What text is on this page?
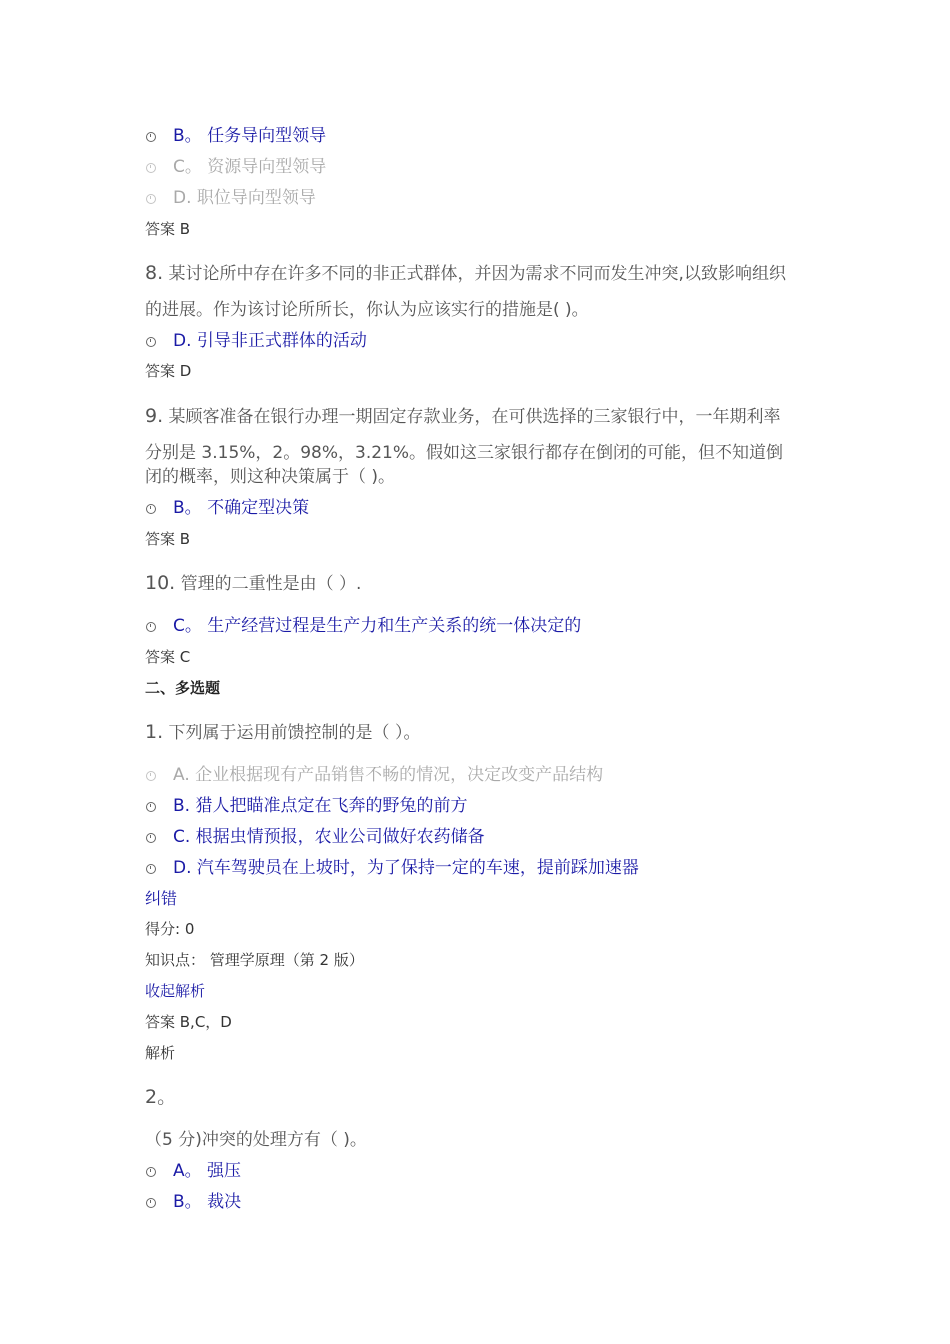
B。 任务导向型领导
C。 资源导向型领导
D. 职位导向型领导
答案 B
8. 某讨论所中存在许多不同的非正式群体，并因为需求不同而发生冲突,以致影响组织
的进展。作为该讨论所所长，你认为应该实行的措施是( )。
D. 引导非正式群体的活动
答案 D
9. 某顾客准备在银行办理一期固定存款业务，在可供选择的三家银行中，一年期利率
分别是 3.15%，2。98%，3.21%。假如这三家银行都存在倒闭的可能，但不知道倒
闭的概率，则这种决策属于（ )。
B。 不确定型决策
答案 B
10. 管理的二重性是由（ ）.
C。 生产经营过程是生产力和生产关系的统一体决定的
答案 C
二、多选题
1. 下列属于运用前馈控制的是（ ）。
A. 企业根据现有产品销售不畅的情况，决定改变产品结构
B. 猎人把瞄准点定在飞奔的野兔的前方
C. 根据虫情预报，农业公司做好农药储备
D. 汽车驾驶员在上坡时，为了保持一定的车速，提前踩加速器
纠错
得分: 0
知识点： 管理学原理（第 2 版）
收起解析
答案 B,C，D
解析
2。
（5 分)冲突的处理方有（ )。
A。 强压
B。 裁决
